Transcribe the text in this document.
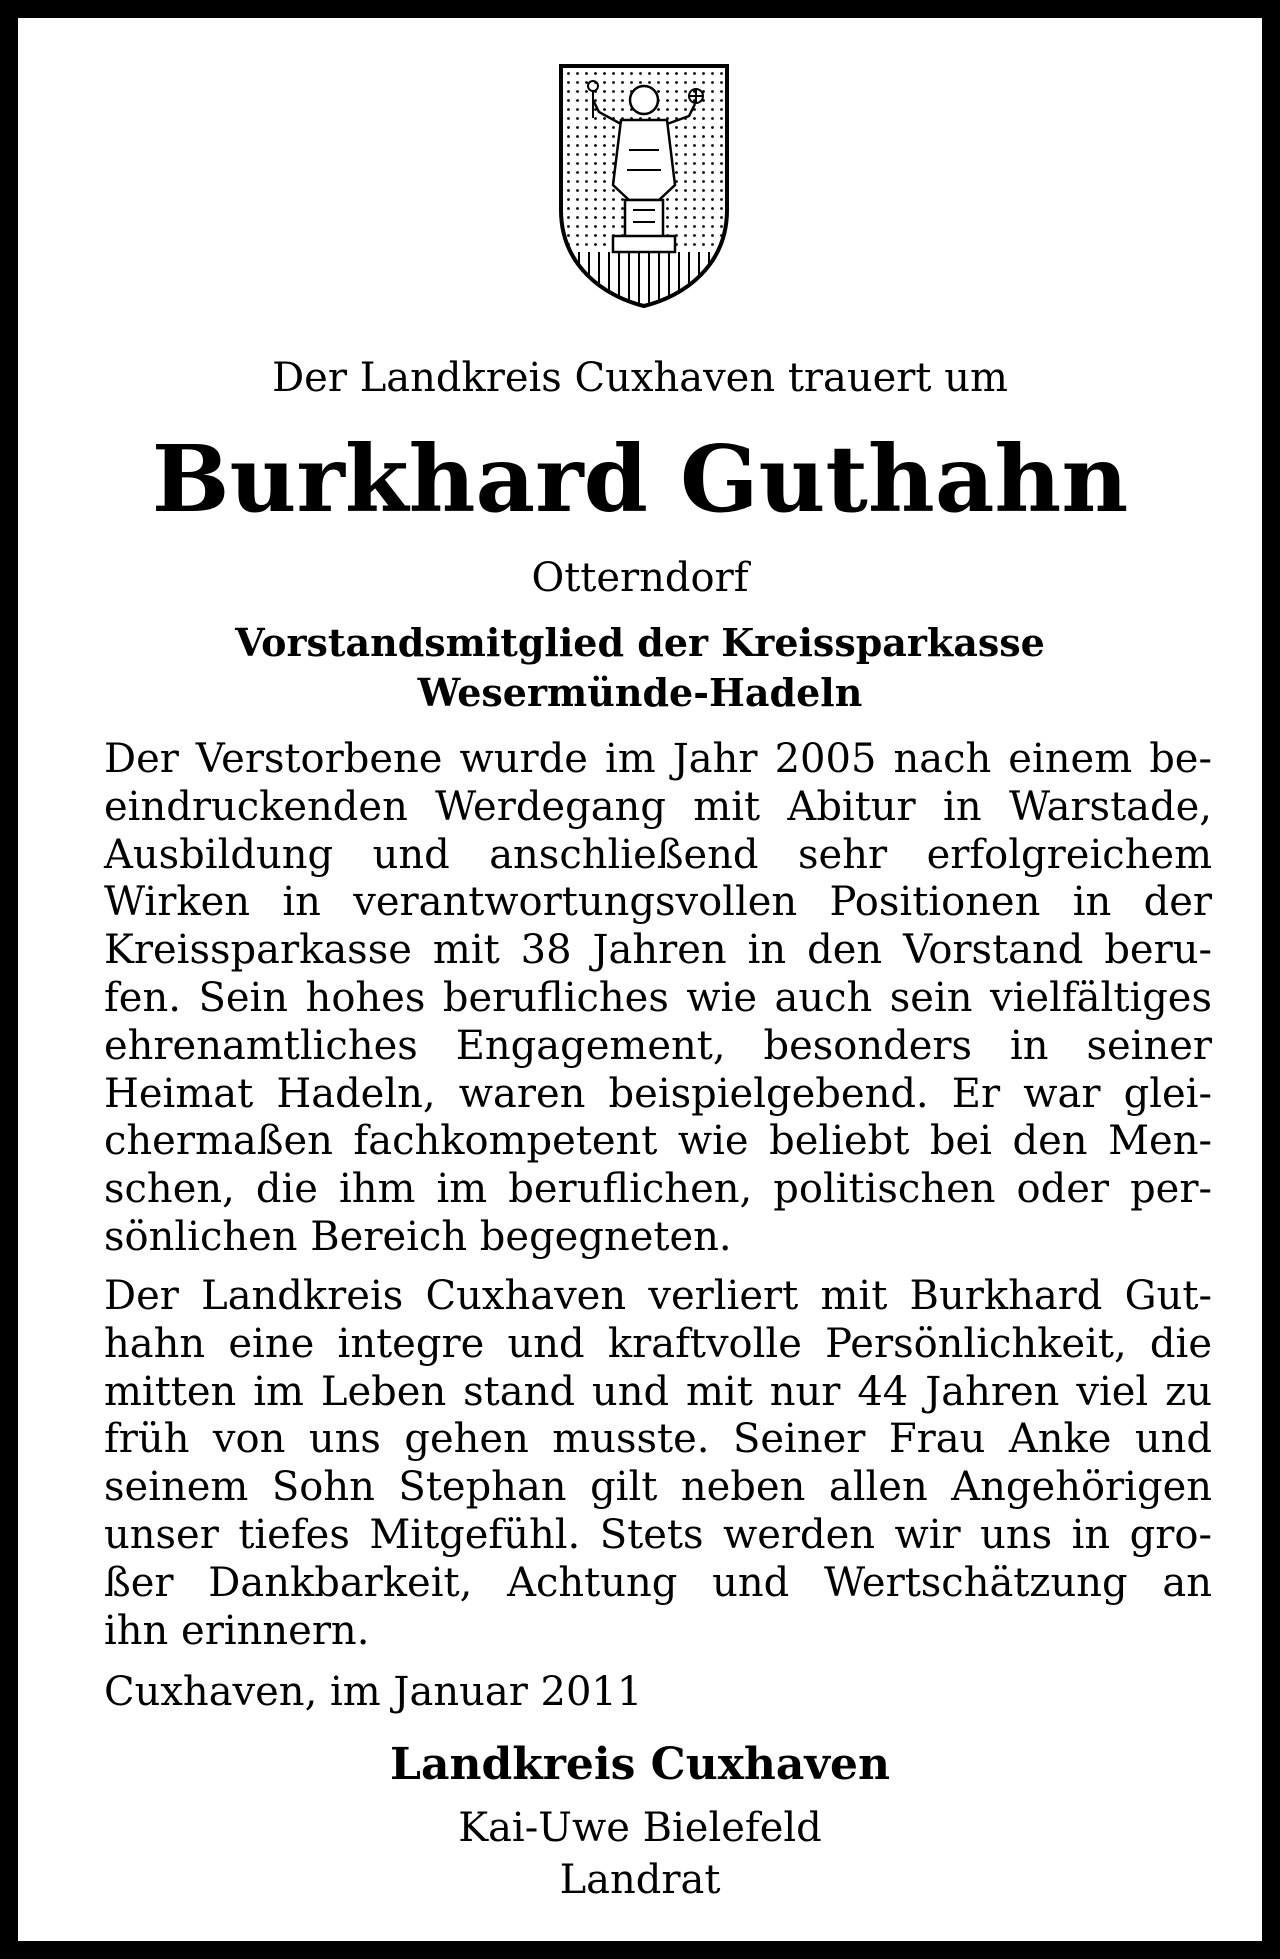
Der Landkreis Cuxhaven trauert um
Burkhard Guthahn
Otterndorf
Vorstandsmitglied der Kreissparkasse
Wesermünde-Hadeln
Der Verstorbene wurde im Jahr 2005 nach einem be-
eindruckenden Werdegang mit Abitur in Warstade,
Ausbildung und anschließend sehr erfolgreichem
Wirken in verantwortungsvollen Positionen in der
Kreissparkasse mit 38 Jahren in den Vorstand beru-
fen. Sein hohes berufliches wie auch sein vielfältiges
ehrenamtliches Engagement, besonders in seiner
Heimat Hadeln, waren beispielgebend. Er war glei-
chermaßen fachkompetent wie beliebt bei den Men-
schen, die ihm im beruflichen, politischen oder per-
sönlichen Bereich begegneten.
Der Landkreis Cuxhaven verliert mit Burkhard Gut-
hahn eine integre und kraftvolle Persönlichkeit, die
mitten im Leben stand und mit nur 44 Jahren viel zu
früh von uns gehen musste. Seiner Frau Anke und
seinem Sohn Stephan gilt neben allen Angehörigen
unser tiefes Mitgefühl. Stets werden wir uns in gro-
ßer Dankbarkeit, Achtung und Wertschätzung an
ihn erinnern.
Cuxhaven, im Januar 2011
Landkreis Cuxhaven
Kai-Uwe Bielefeld
Landrat
